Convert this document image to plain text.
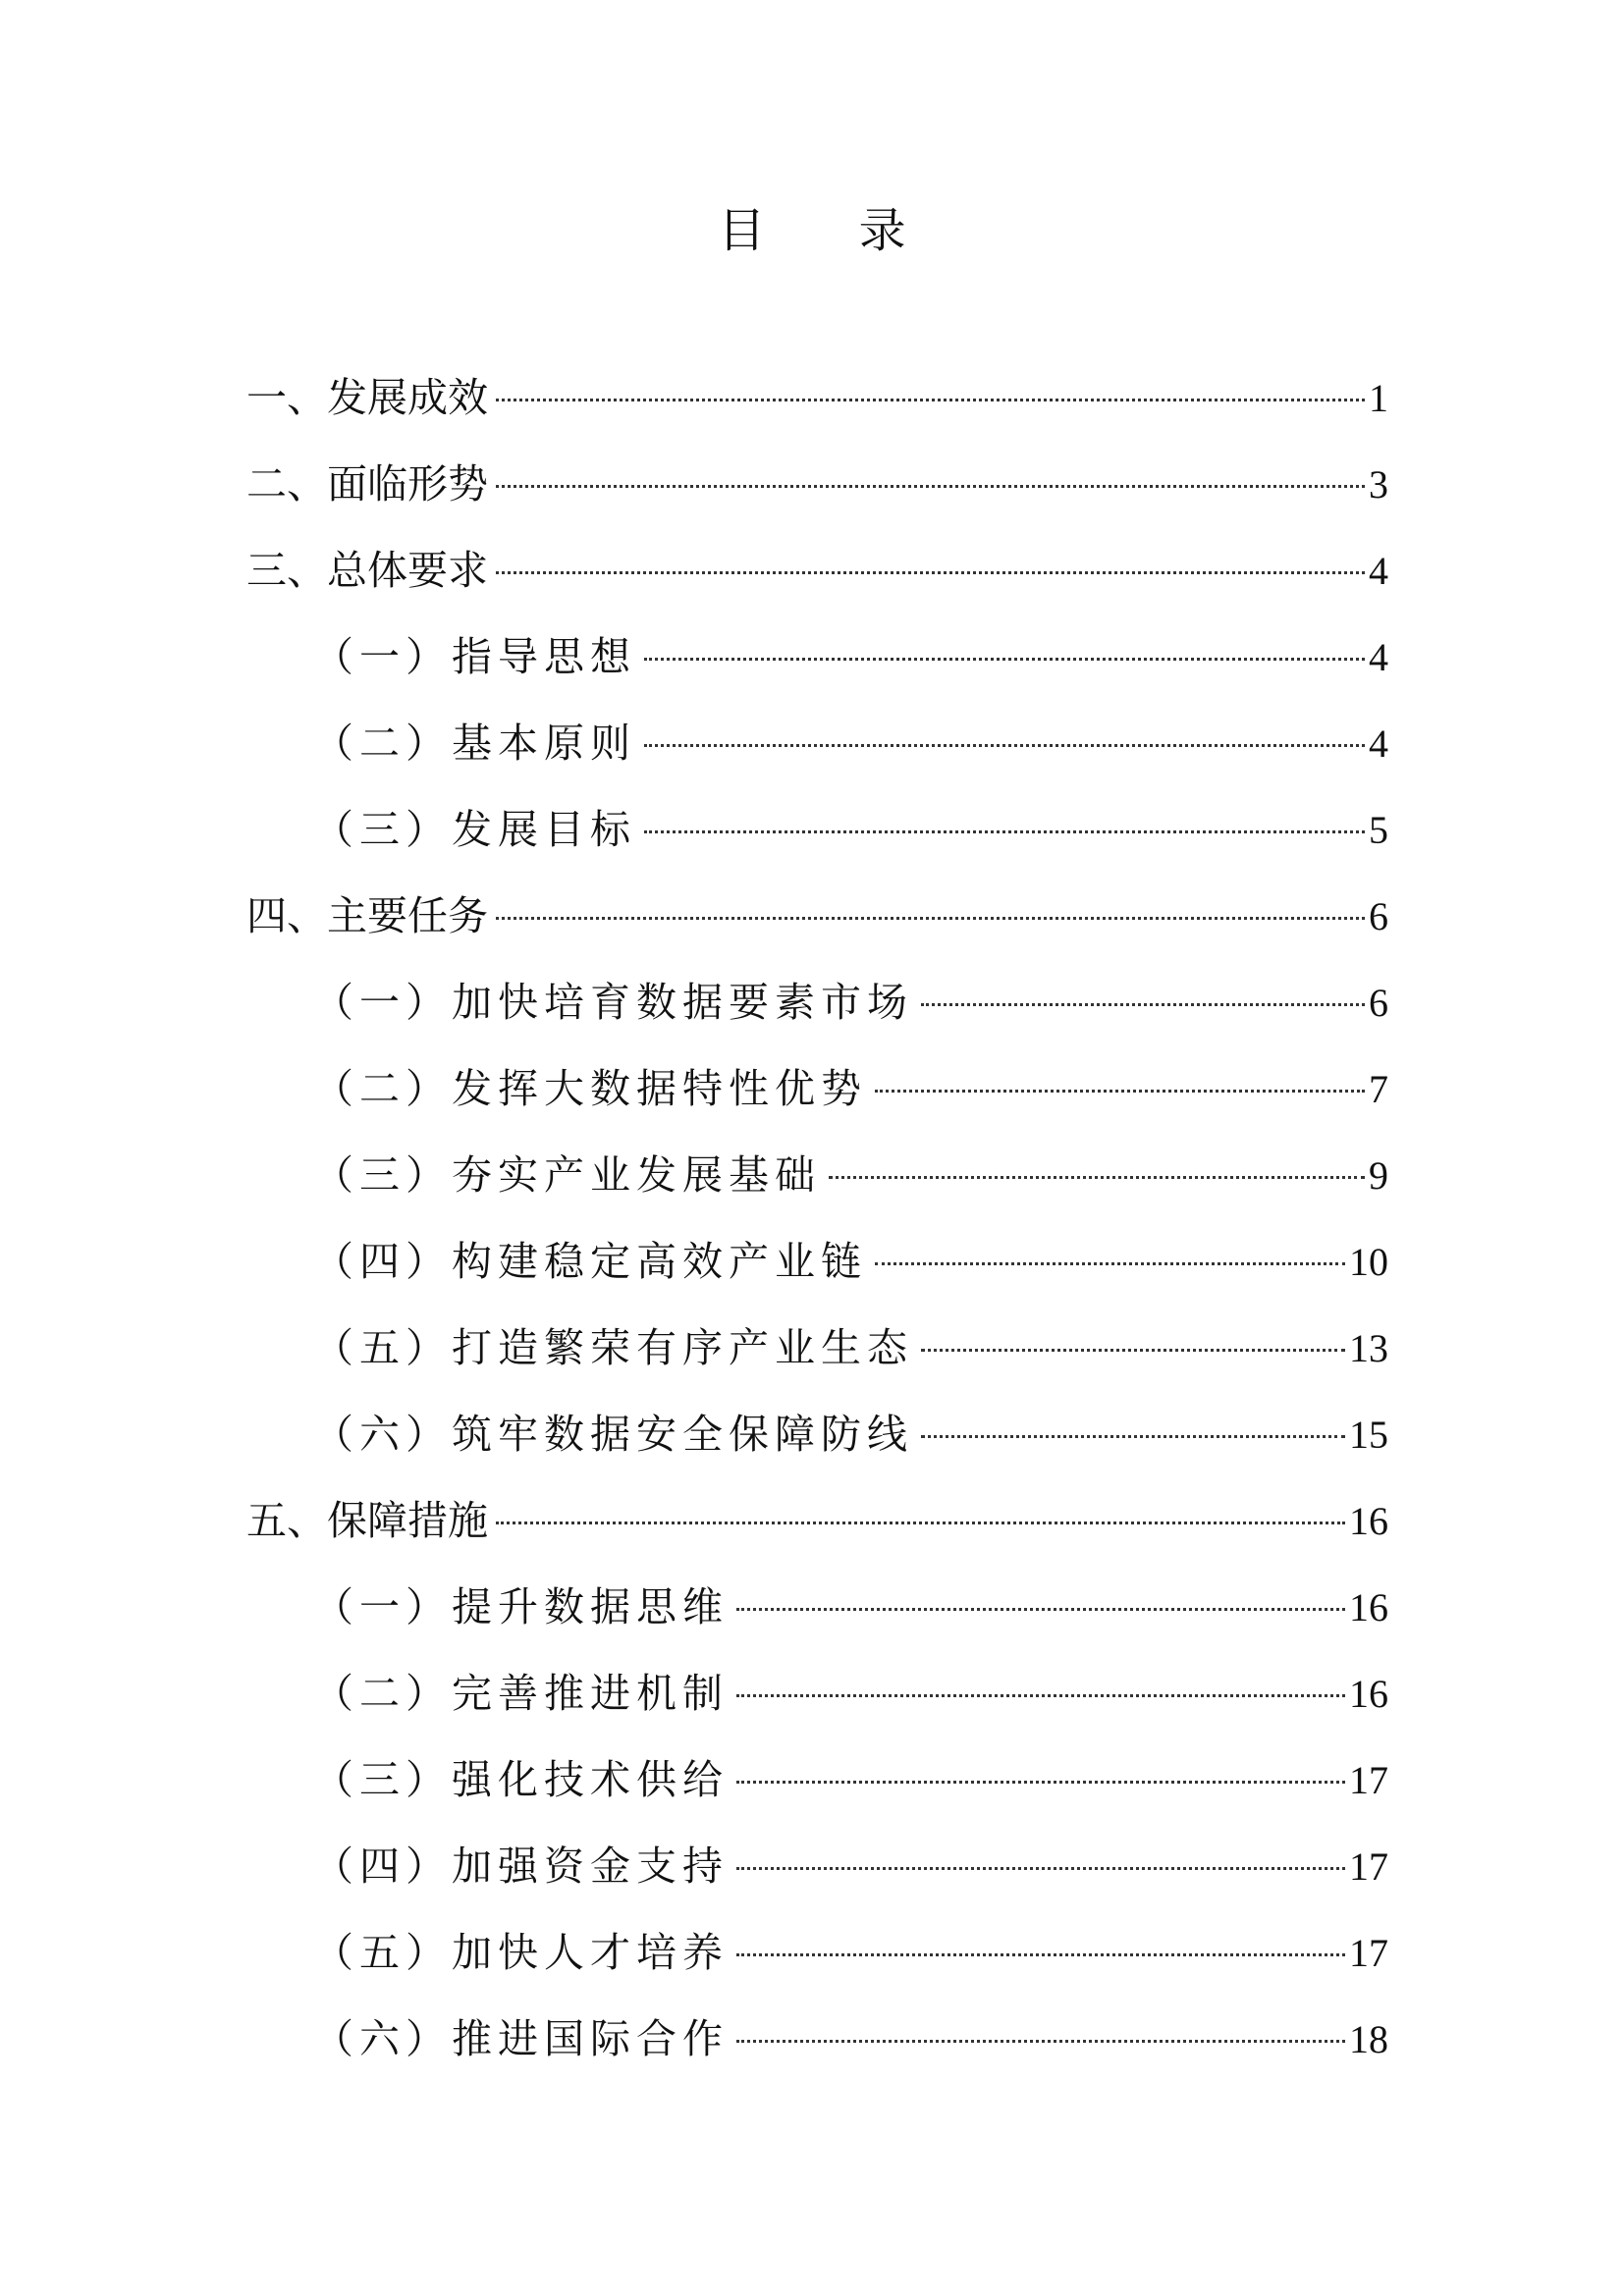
目 录
一、发展成效	1
二、面临形势	3
三、总体要求	4
（一）指导思想	4
（二）基本原则	4
（三）发展目标	5
四、主要任务	6
（一）加快培育数据要素市场	6
（二）发挥大数据特性优势	7
（三）夯实产业发展基础	9
（四）构建稳定高效产业链	10
（五）打造繁荣有序产业生态	13
（六）筑牢数据安全保障防线	15
五、保障措施	16
（一）提升数据思维	16
（二）完善推进机制	16
（三）强化技术供给	17
（四）加强资金支持	17
（五）加快人才培养	17
（六）推进国际合作	18
